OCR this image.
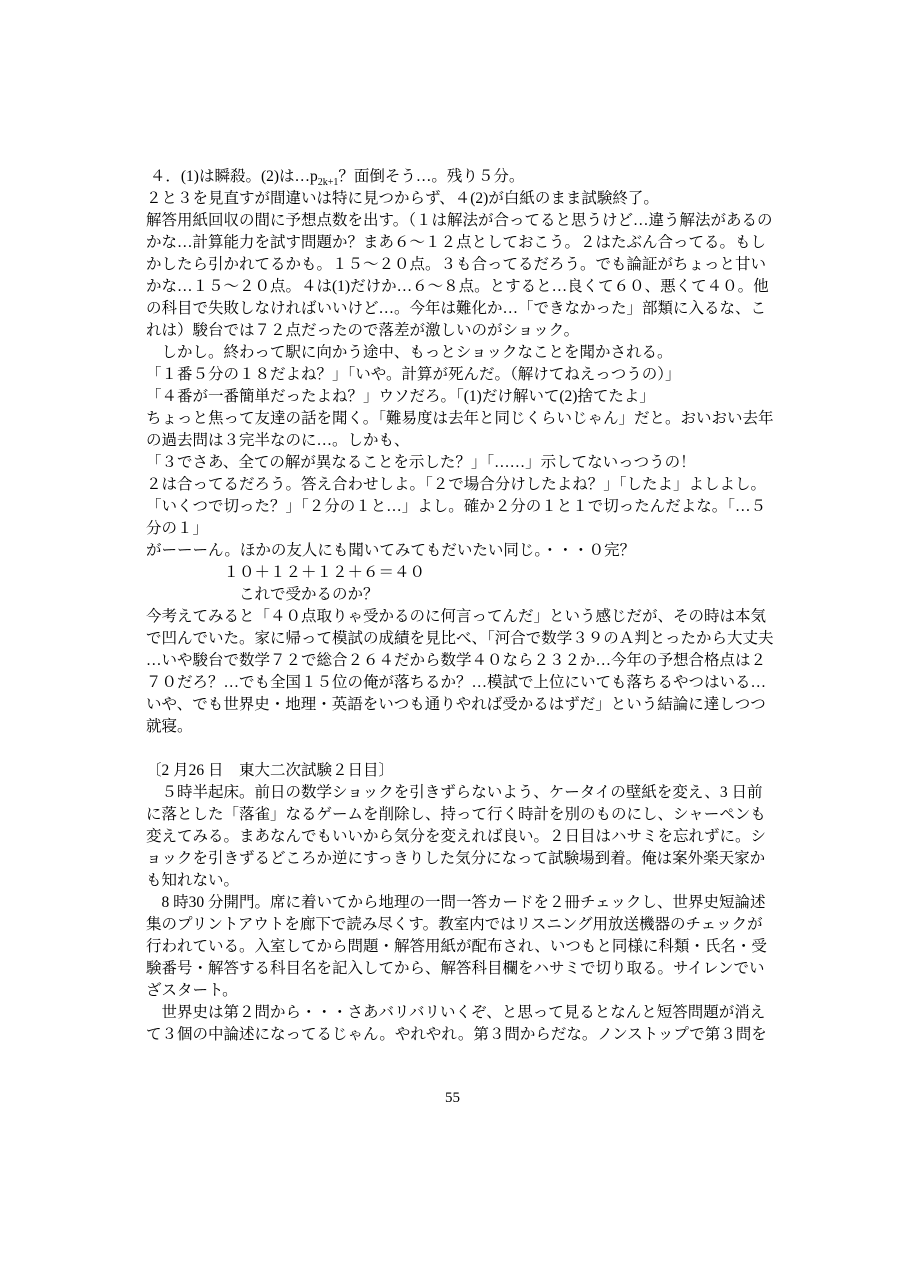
４．(1)は瞬殺。(2)は$\dots p_{2k+1}$？面倒そう…。残り５分。
２と３を見直すが間違いは特に見つからず、４(2)が白紙のまま試験終了。
解答用紙回収の間に予想点数を出す。（１は解法が合ってると思うけど…違う解法があるの
かな…計算能力を試す問題か？まあ６〜１２点としておこう。２はたぶん合ってる。もし
かしたら引かれてるかも。１５〜２０点。３も合ってるだろう。でも論証がちょっと甘い
かな…１５〜２０点。４は(1)だけか…６〜８点。とすると…良くて６０、悪くて４０。他
の科目で失敗しなければいいけど…。今年は難化か…「できなかった」部類に入るな、こ
れは）駿台では７２点だったので落差が激しいのがショック。
　しかし。終わって駅に向かう途中、もっとショックなことを聞かされる。
「１番５分の１８だよね？」「いや。計算が死んだ。（解けてねえっつうの）」
「４番が一番簡単だったよね？」ウソだろ。「(1)だけ解いて(2)捨てたよ」
ちょっと焦って友達の話を聞く。「難易度は去年と同じくらいじゃん」だと。おいおい去年
の過去問は３完半なのに…。しかも、
「３でさあ、全ての解が異なることを示した？」「……」示してないっつうの！
２は合ってるだろう。答え合わせしよ。「２で場合分けしたよね？」「したよ」よしよし。
「いくつで切った？」「２分の１と…」よし。確か２分の１と１で切ったんだよな。「…５
分の１」
がーーーん。ほかの友人にも聞いてみてもだいたい同じ。・・・０完？
　　　　　１０＋１２＋１２＋６＝４０
　　　　　　これで受かるのか？
今考えてみると「４０点取りゃ受かるのに何言ってんだ」という感じだが、その時は本気
で凹んでいた。家に帰って模試の成績を見比べ、「河合で数学３９のＡ判とったから大丈夫
…いや駿台で数学７２で総合２６４だから数学４０なら２３２か…今年の予想合格点は２
７０だろ？…でも全国１５位の俺が落ちるか？…模試で上位にいても落ちるやつはいる…
いや、でも世界史・地理・英語をいつも通りやれば受かるはずだ」という結論に達しつつ
就寝。
〔2 月26 日　東大二次試験２日目〕
　５時半起床。前日の数学ショックを引きずらないよう、ケータイの壁紙を変え、3 日前
に落とした「落雀」なるゲームを削除し、持って行く時計を別のものにし、シャーペンも
変えてみる。まあなんでもいいから気分を変えれば良い。２日目はハサミを忘れずに。シ
ョックを引きずるどころか逆にすっきりした気分になって試験場到着。俺は案外楽天家か
も知れない。
　8 時30 分開門。席に着いてから地理の一問一答カードを２冊チェックし、世界史短論述
集のプリントアウトを廊下で読み尽くす。教室内ではリスニング用放送機器のチェックが
行われている。入室してから問題・解答用紙が配布され、いつもと同様に科類・氏名・受
験番号・解答する科目名を記入してから、解答科目欄をハサミで切り取る。サイレンでい
ざスタート。
　世界史は第２問から・・・さあバリバリいくぞ、と思って見るとなんと短答問題が消え
て３個の中論述になってるじゃん。やれやれ。第３問からだな。ノンストップで第３問を
55
